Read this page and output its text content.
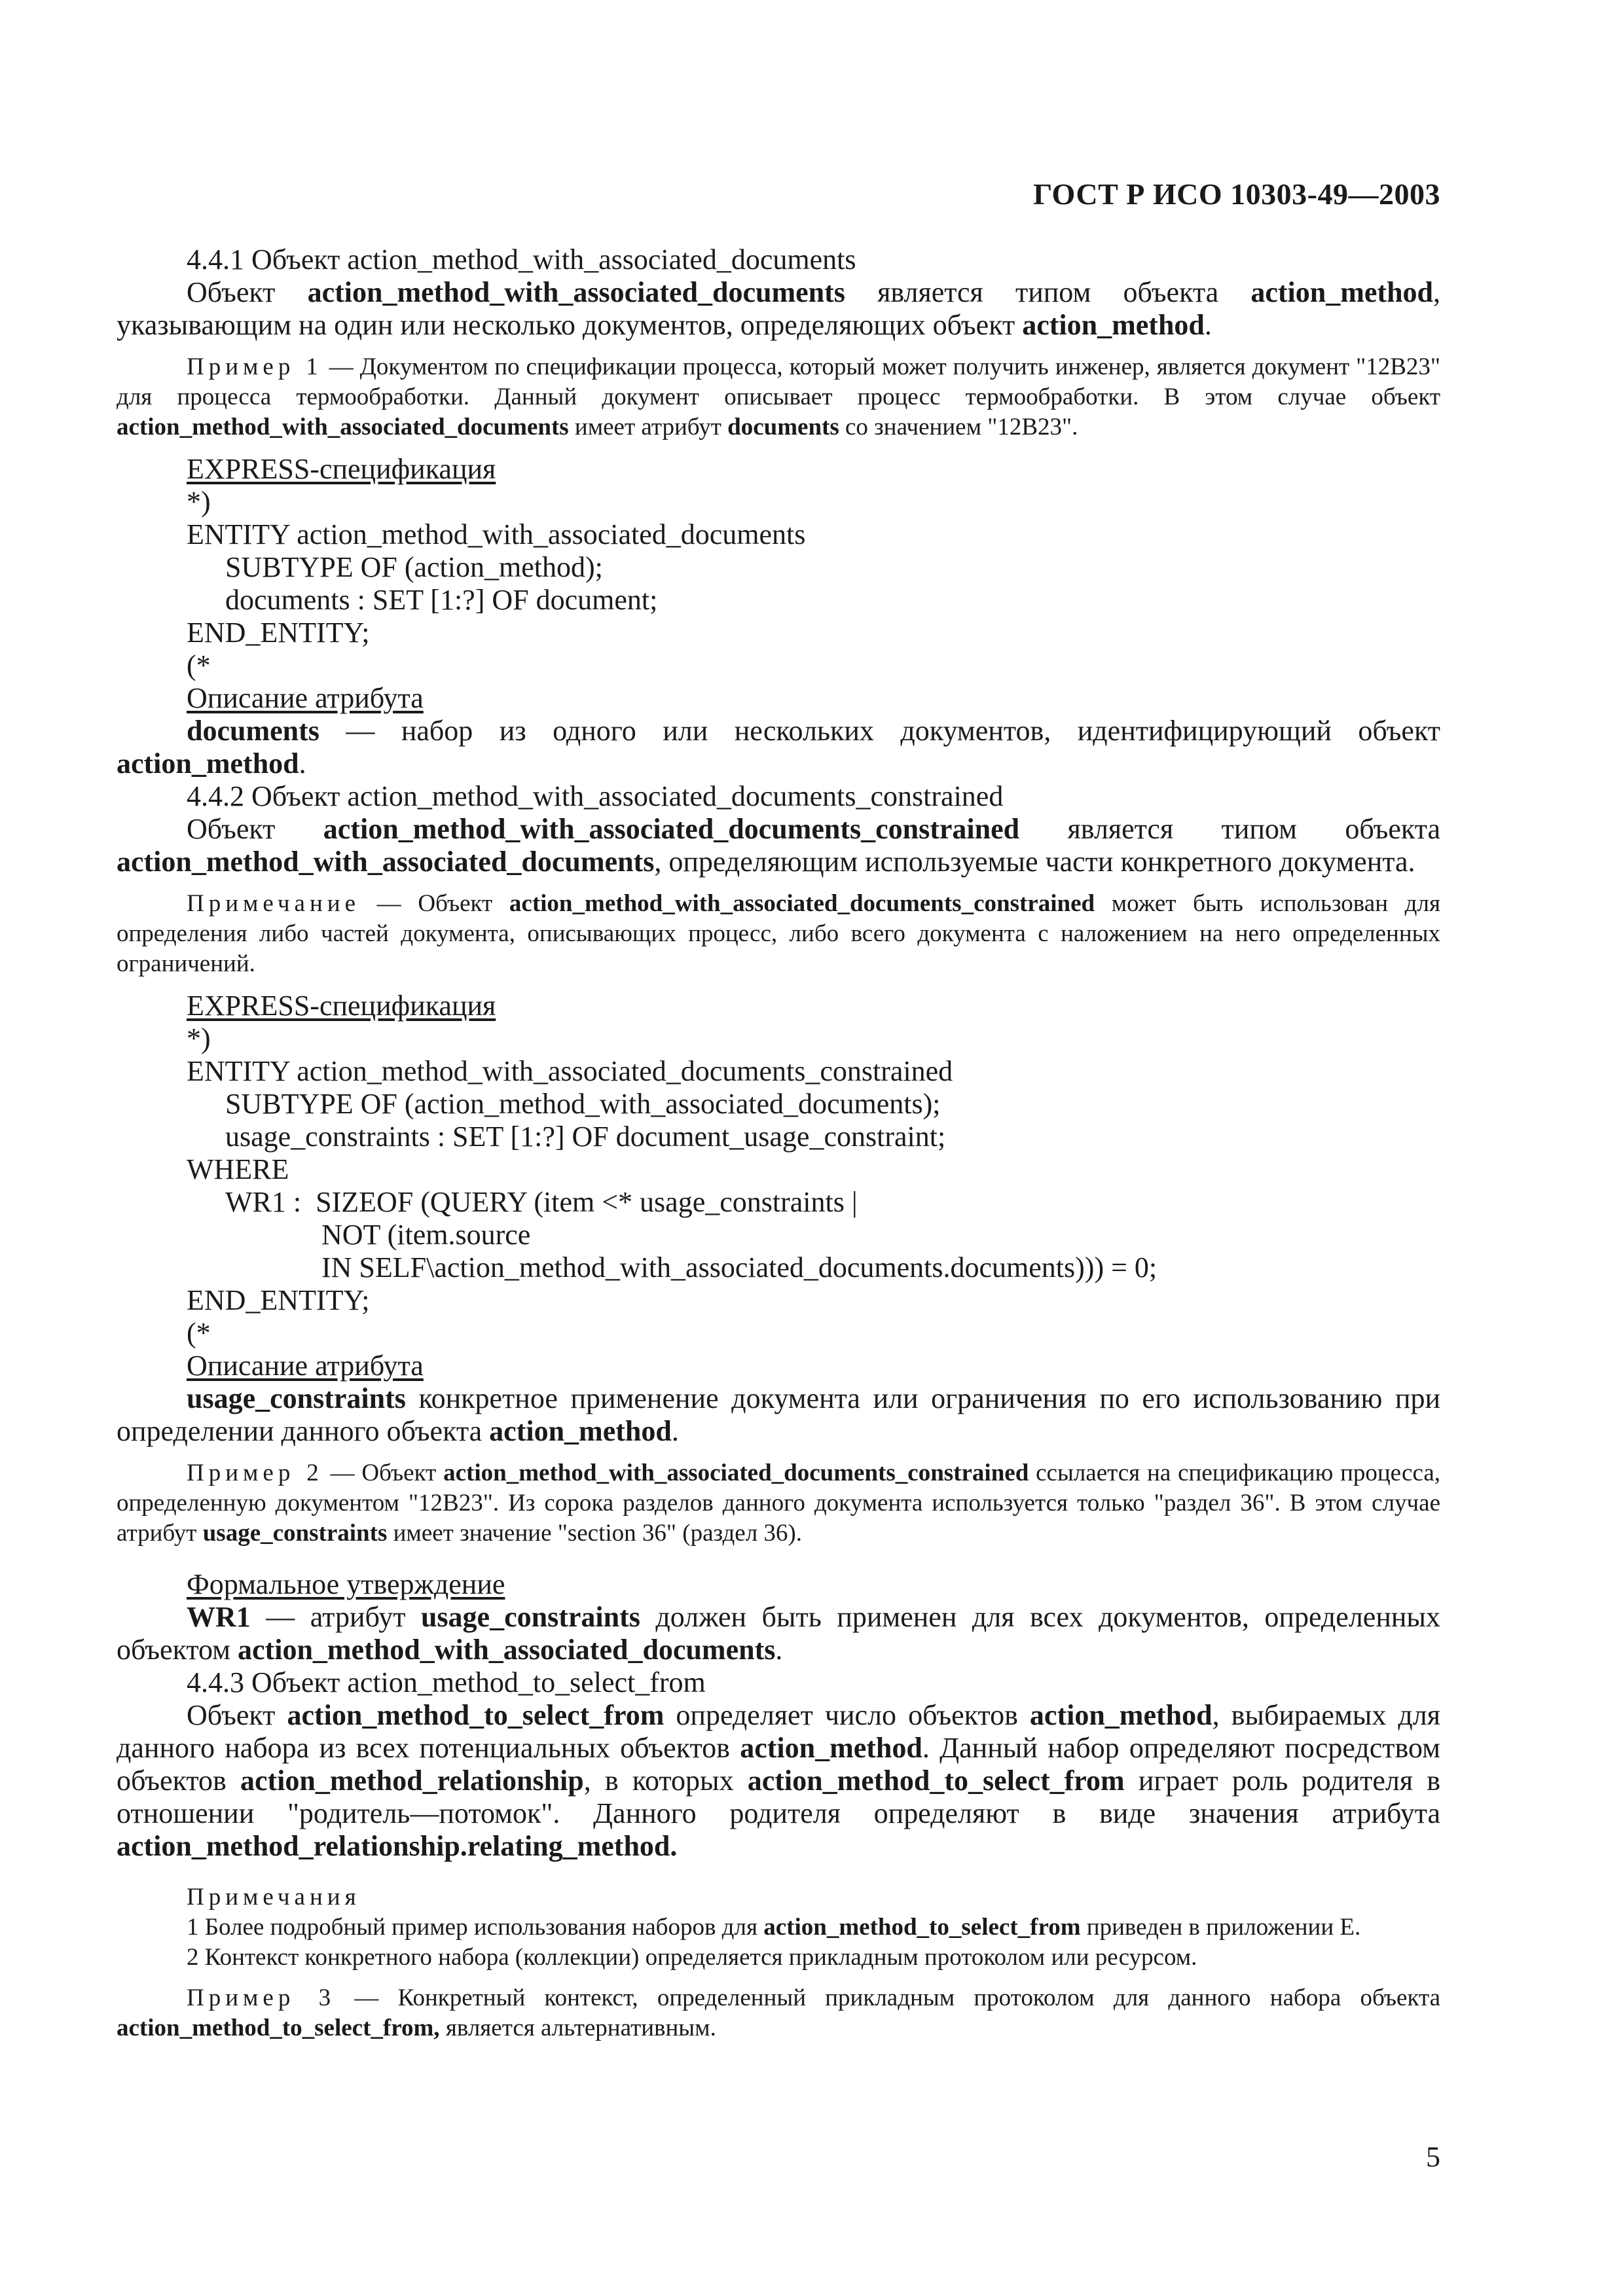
ГОСТ Р ИСО 10303-49—2003

4.4.1 Объект action_method_with_associated_documents

Объект action_method_with_associated_documents является типом объекта action_method, указывающим на один или несколько документов, определяющих объект action_method.

Пример 1 — Документом по спецификации процесса, который может получить инженер, является документ "12В23" для процесса термообработки. Данный документ описывает процесс термообработки. В этом случае объект action_method_with_associated_documents имеет атрибут documents со значением "12В23".

EXPRESS-спецификация

*)

ENTITY action_method_with_associated_documents

SUBTYPE OF (action_method);

documents : SET [1:?] OF document;

END_ENTITY;

(*

Описание атрибута

documents — набор из одного или нескольких документов, идентифицирующий объект action_method.

4.4.2 Объект action_method_with_associated_documents_constrained

Объект action_method_with_associated_documents_constrained является типом объекта action_method_with_associated_documents, определяющим используемые части конкретного документа.

Примечание — Объект action_method_with_associated_documents_constrained может быть использован для определения либо частей документа, описывающих процесс, либо всего документа с наложением на него определенных ограничений.

EXPRESS-спецификация

*)

ENTITY action_method_with_associated_documents_constrained

SUBTYPE OF (action_method_with_associated_documents);

usage_constraints : SET [1:?] OF document_usage_constraint;

WHERE

WR1 :  SIZEOF (QUERY (item <* usage_constraints |

NOT (item.source

IN SELF\action_method_with_associated_documents.documents))) = 0;

END_ENTITY;

(*

Описание атрибута

usage_constraints конкретное применение документа или ограничения по его использованию при определении данного объекта action_method.

Пример 2 — Объект action_method_with_associated_documents_constrained ссылается на спецификацию процесса, определенную документом "12В23". Из сорока разделов данного документа используется только "раздел 36". В этом случае атрибут usage_constraints имеет значение "section 36" (раздел 36).

Формальное утверждение

WR1 — атрибут usage_constraints должен быть применен для всех документов, определенных объектом action_method_with_associated_documents.

4.4.3 Объект action_method_to_select_from

Объект action_method_to_select_from определяет число объектов action_method, выбираемых для данного набора из всех потенциальных объектов action_method. Данный набор определяют посредством объектов action_method_relationship, в которых action_method_to_select_from играет роль родителя в отношении "родитель—потомок". Данного родителя определяют в виде значения атрибута action_method_relationship.relating_method.

Примечания

1 Более подробный пример использования наборов для action_method_to_select_from приведен в приложении Е.

2 Контекст конкретного набора (коллекции) определяется прикладным протоколом или ресурсом.

Пример 3 — Конкретный контекст, определенный прикладным протоколом для данного набора объекта action_method_to_select_from, является альтернативным.

5
